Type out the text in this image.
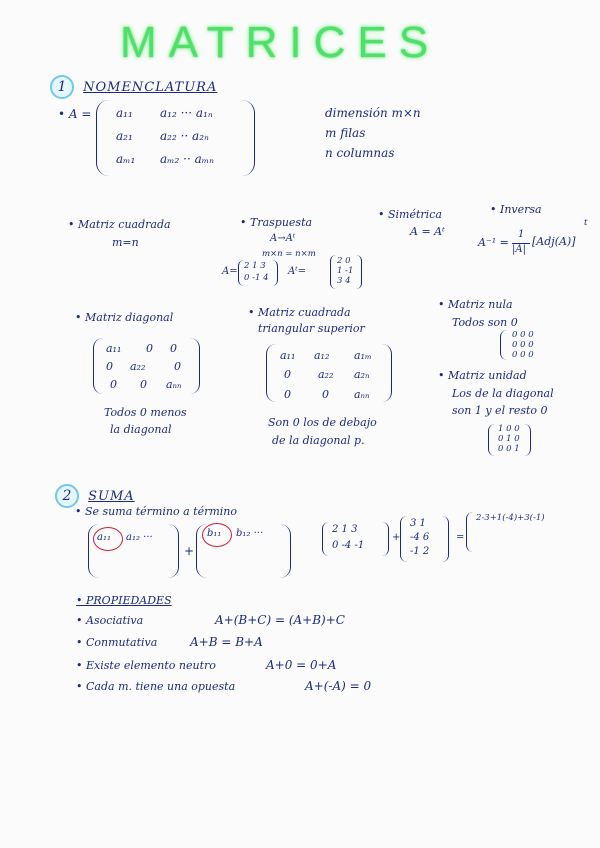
MATRICES
1 NOMENCLATURA
• A = a₁₁ a₁₂ ··· a₁ₙ
a₂₁ a₂₂ ·· a₂ₙ
aₘ₁ aₘ₂ ·· aₘₙ
dimensión m×n
m filas
n columnas
• Matriz cuadrada
m=n
• Traspuesta
A→Aᵗ
m×n = n×m
A= 2 1 3
0 -1 4
Aᵗ=
2 0
1 -1
3 4
• Simétrica
A = Aᵗ
• Inversa
A⁻¹ =
1
|A|
[Adj(A)]
t
• Matriz diagonal
a₁₁ 0 0
0 a₂₂	0
0 0 aₙₙ
Todos 0 menos
la diagonal
• Matriz cuadrada
triangular superior
a₁₁ a₁₂ a₁ₘ
0 a₂₂ a₂ₙ
0	0 aₙₙ
Son 0 los de debajo
de la diagonal p.
• Matriz nula
Todos son 0
0 0 0
0 0 0
0 0 0
• Matriz unidad
Los de la diagonal
son 1 y el resto 0
1 0 0
0 1 0
0 0 1
2 SUMA
• Se suma término a término
a₁₁ a₁₂ ···
+
b₁₁ b₁₂ ···	2 1 3
0 -4 -1
+
3 1
-4 6
-1 2
=
2-3+1(-4)+3(-1)
• PROPIEDADES
• Asociativa	A+(B+C) = (A+B)+C
• Conmutativa	A+B = B+A
• Existe elemento neutro	A+0 = 0+A
• Cada m. tiene una opuesta	A+(-A) = 0
